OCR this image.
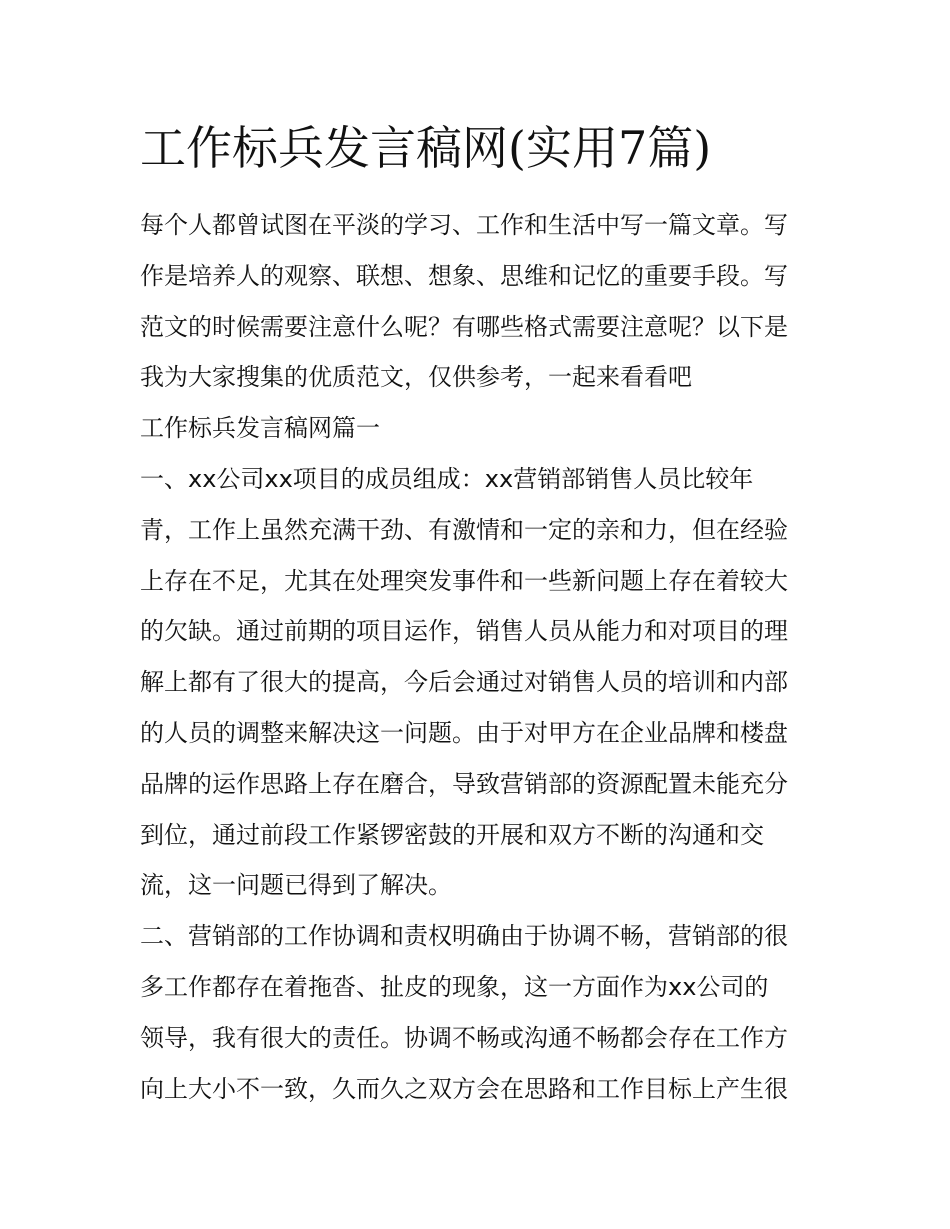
工作标兵发言稿网(实用7篇)
每个人都曾试图在平淡的学习、工作和生活中写一篇文章。写
作是培养人的观察、联想、想象、思维和记忆的重要手段。写
范文的时候需要注意什么呢？有哪些格式需要注意呢？以下是
我为大家搜集的优质范文，仅供参考，一起来看看吧
工作标兵发言稿网篇一
一、xx公司xx项目的成员组成：xx营销部销售人员比较年
青，工作上虽然充满干劲、有激情和一定的亲和力，但在经验
上存在不足，尤其在处理突发事件和一些新问题上存在着较大
的欠缺。通过前期的项目运作，销售人员从能力和对项目的理
解上都有了很大的提高，今后会通过对销售人员的培训和内部
的人员的调整来解决这一问题。由于对甲方在企业品牌和楼盘
品牌的运作思路上存在磨合，导致营销部的资源配置未能充分
到位，通过前段工作紧锣密鼓的开展和双方不断的沟通和交
流，这一问题已得到了解决。
二、营销部的工作协调和责权明确由于协调不畅，营销部的很
多工作都存在着拖沓、扯皮的现象，这一方面作为xx公司的
领导，我有很大的责任。协调不畅或沟通不畅都会存在工作方
向上大小不一致，久而久之双方会在思路和工作目标上产生很
